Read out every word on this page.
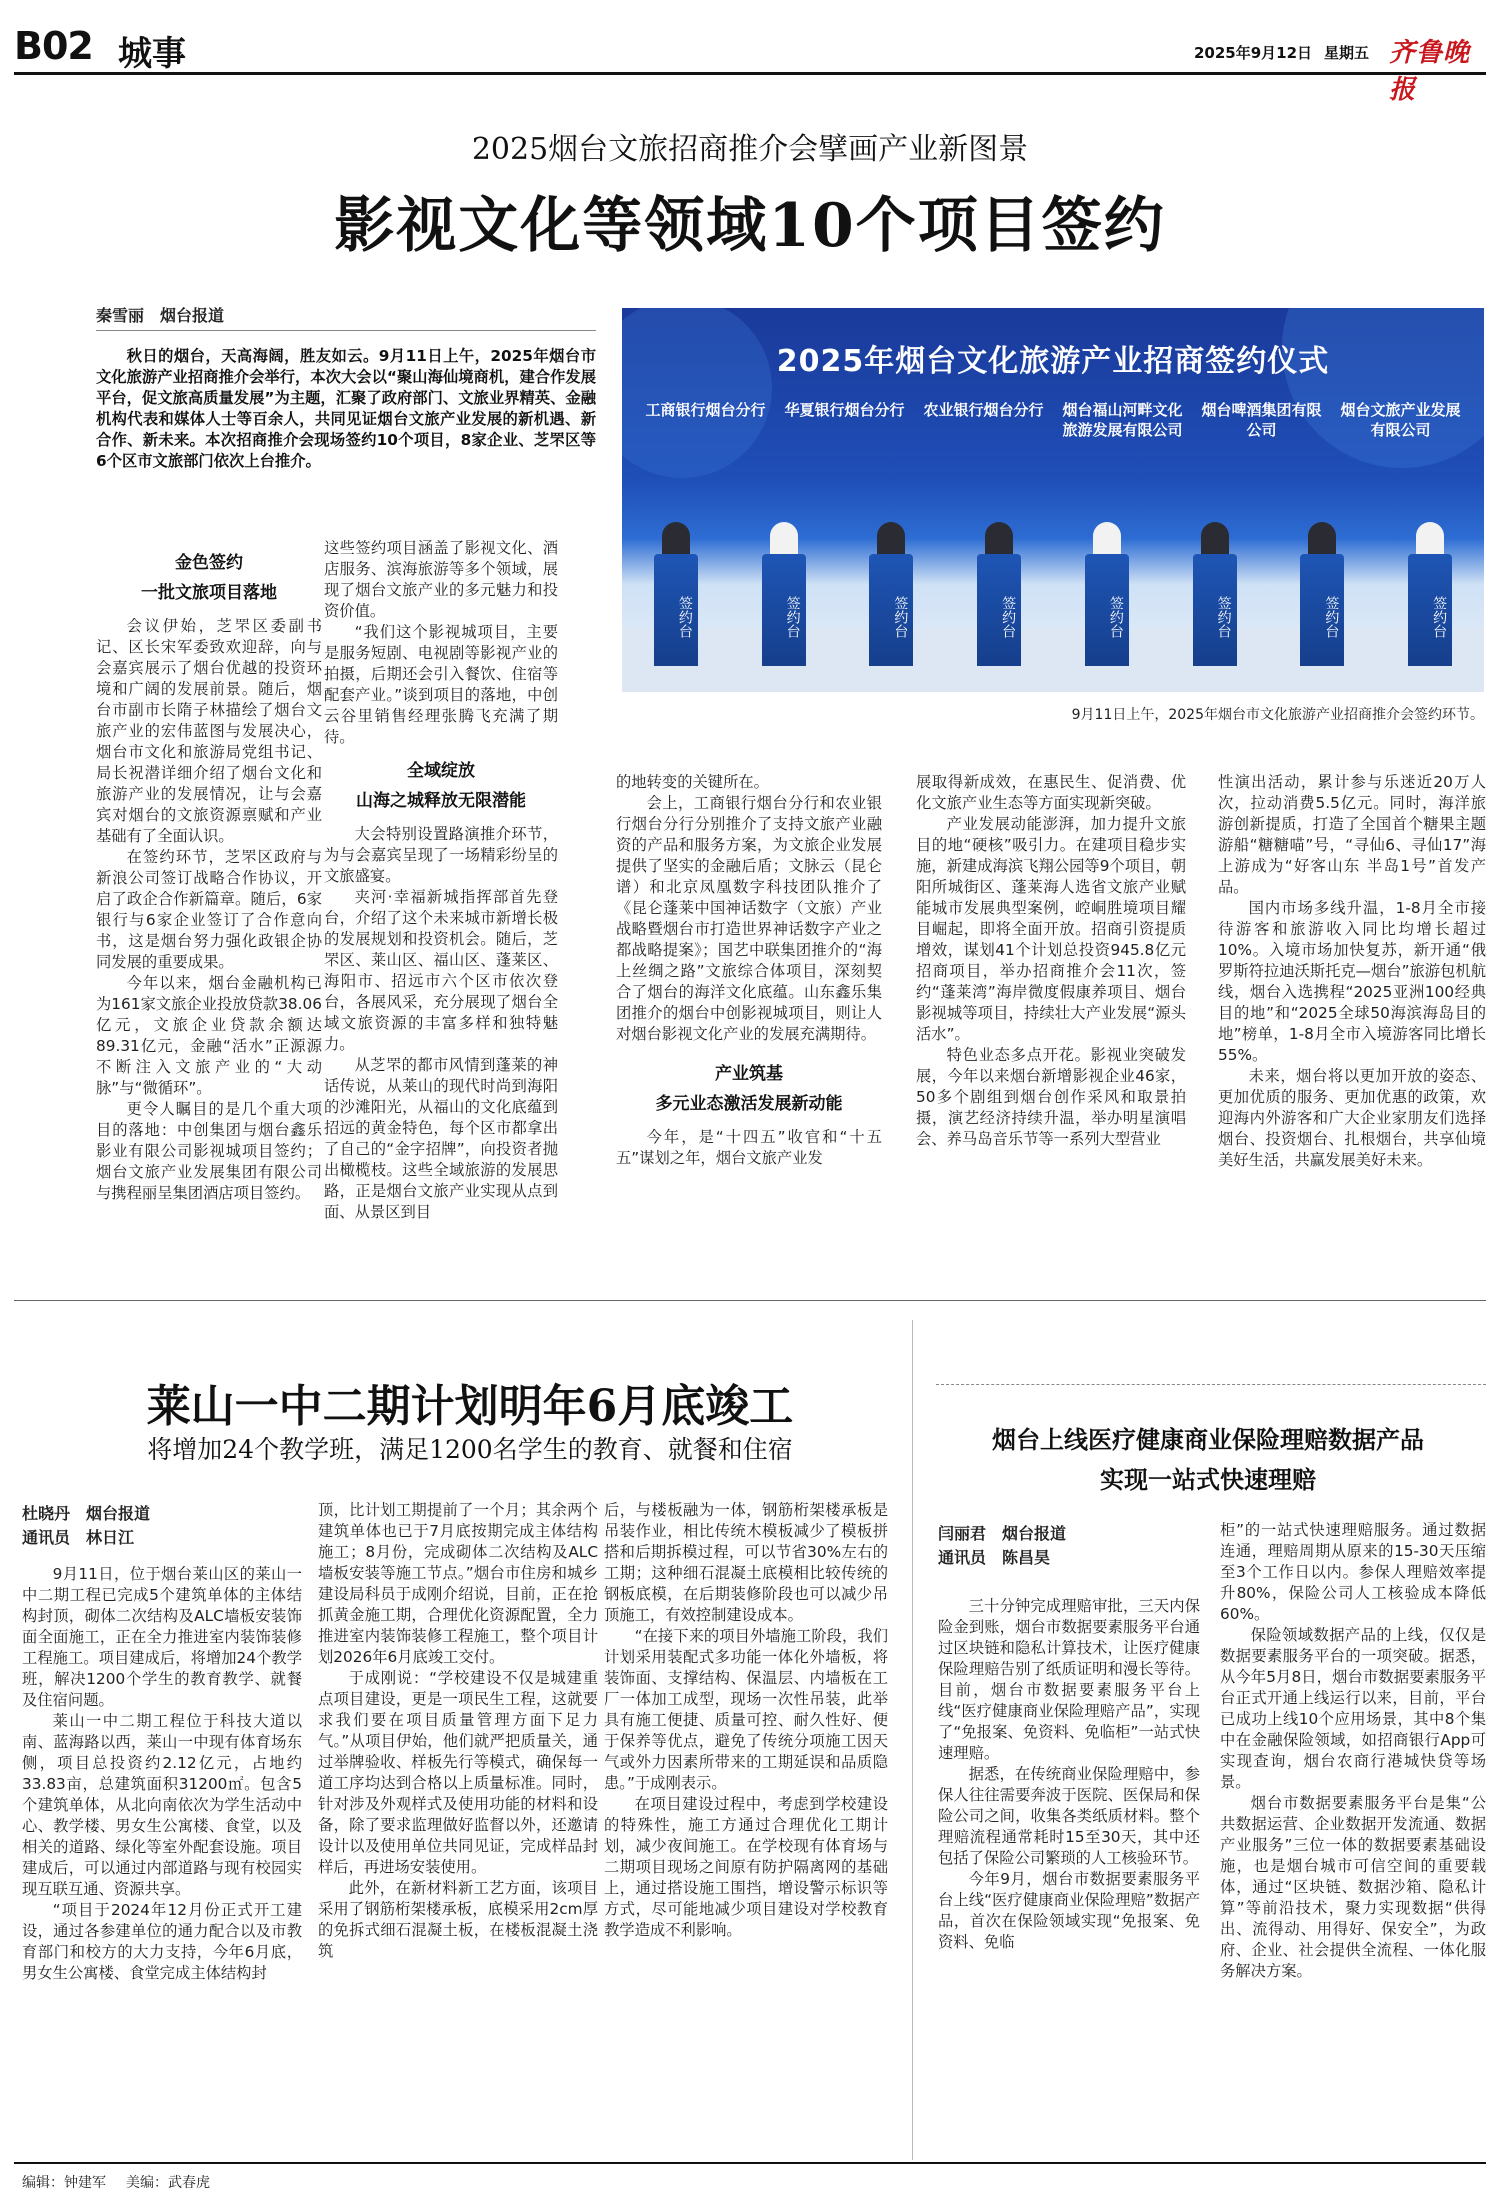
B02 城事	2025年9月12日 星期五 齐鲁晚报
2025烟台文旅招商推介会擘画产业新图景
影视文化等领域10个项目签约
秦雪丽　烟台报道
秋日的烟台，天高海阔，胜友如云。9月11日上午，2025年烟台市文化旅游产业招商推介会举行，本次大会以“聚山海仙境商机，建合作发展平台，促文旅高质量发展”为主题，汇聚了政府部门、文旅业界精英、金融机构代表和媒体人士等百余人，共同见证烟台文旅产业发展的新机遇、新合作、新未来。本次招商推介会现场签约10个项目，8家企业、芝罘区等6个区市文旅部门依次上台推介。
2025年烟台文化旅游产业招商签约仪式
工商银行烟台分行	华夏银行烟台分行	农业银行烟台分行	烟台福山河畔文化旅游发展有限公司
烟台啤酒集团有限公司
烟台文旅产业发展有限公司
签约台	签约台	签约台	签约台	签约台	签约台	签约台	签约台
9月11日上午，2025年烟台市文化旅游产业招商推介会签约环节。
金色签约
一批文旅项目落地

会议伊始，芝罘区委副书记、区长宋军委致欢迎辞，向与会嘉宾展示了烟台优越的投资环境和广阔的发展前景。随后，烟台市副市长隋子林描绘了烟台文旅产业的宏伟蓝图与发展决心，烟台市文化和旅游局党组书记、局长祝潜详细介绍了烟台文化和旅游产业的发展情况，让与会嘉宾对烟台的文旅资源禀赋和产业基础有了全面认识。

在签约环节，芝罘区政府与新浪公司签订战略合作协议，开启了政企合作新篇章。随后，6家银行与6家企业签订了合作意向书，这是烟台努力强化政银企协同发展的重要成果。

今年以来，烟台金融机构已为161家文旅企业投放贷款38.06亿元，文旅企业贷款余额达89.31亿元，金融“活水”正源源不断注入文旅产业的“大动脉”与“微循环”。

更令人瞩目的是几个重大项目的落地：中创集团与烟台鑫乐影业有限公司影视城项目签约；烟台文旅产业发展集团有限公司与携程丽呈集团酒店项目签约。

这些签约项目涵盖了影视文化、酒店服务、滨海旅游等多个领域，展现了烟台文旅产业的多元魅力和投资价值。

“我们这个影视城项目，主要是服务短剧、电视剧等影视产业的拍摄，后期还会引入餐饮、住宿等配套产业。”谈到项目的落地，中创云谷里销售经理张腾飞充满了期待。

全域绽放
山海之城释放无限潜能

大会特别设置路演推介环节，为与会嘉宾呈现了一场精彩纷呈的文旅盛宴。

夹河·幸福新城指挥部首先登台，介绍了这个未来城市新增长极的发展规划和投资机会。随后，芝罘区、莱山区、福山区、蓬莱区、海阳市、招远市六个区市依次登台，各展风采，充分展现了烟台全域文旅资源的丰富多样和独特魅力。

从芝罘的都市风情到蓬莱的神话传说，从莱山的现代时尚到海阳的沙滩阳光，从福山的文化底蕴到招远的黄金特色，每个区市都拿出了自己的“金字招牌”，向投资者抛出橄榄枝。这些全域旅游的发展思路，正是烟台文旅产业实现从点到面、从景区到目

的地转变的关键所在。

会上，工商银行烟台分行和农业银行烟台分行分别推介了支持文旅产业融资的产品和服务方案，为文旅企业发展提供了坚实的金融后盾；文脉云（昆仑谱）和北京凤凰数字科技团队推介了《昆仑蓬莱中国神话数字（文旅）产业战略暨烟台市打造世界神话数字产业之都战略提案》；国艺中联集团推介的“海上丝绸之路”文旅综合体项目，深刻契合了烟台的海洋文化底蕴。山东鑫乐集团推介的烟台中创影视城项目，则让人对烟台影视文化产业的发展充满期待。

产业筑基
多元业态激活发展新动能

今年，是“十四五”收官和“十五五”谋划之年，烟台文旅产业发

展取得新成效，在惠民生、促消费、优化文旅产业生态等方面实现新突破。

产业发展动能澎湃，加力提升文旅目的地“硬核”吸引力。在建项目稳步实施，新建成海滨飞翔公园等9个项目，朝阳所城街区、蓬莱海人选省文旅产业赋能城市发展典型案例，崆峒胜境项目耀目崛起，即将全面开放。招商引资提质增效，谋划41个计划总投资945.8亿元招商项目，举办招商推介会11次，签约“蓬莱湾”海岸微度假康养项目、烟台影视城等项目，持续壮大产业发展“源头活水”。

特色业态多点开花。影视业突破发展，今年以来烟台新增影视企业46家，50多个剧组到烟台创作采风和取景拍摄，演艺经济持续升温，举办明星演唱会、养马岛音乐节等一系列大型营业

性演出活动，累计参与乐迷近20万人次，拉动消费5.5亿元。同时，海洋旅游创新提质，打造了全国首个糖果主题游船“糖糖喵”号，“寻仙6、寻仙17”海上游成为“好客山东 半岛1号”首发产品。

国内市场多线升温，1-8月全市接待游客和旅游收入同比均增长超过10%。入境市场加快复苏，新开通“俄罗斯符拉迪沃斯托克—烟台”旅游包机航线，烟台入选携程“2025亚洲100经典目的地”和“2025全球50海滨海岛目的地”榜单，1-8月全市入境游客同比增长55%。

未来，烟台将以更加开放的姿态、更加优质的服务、更加优惠的政策，欢迎海内外游客和广大企业家朋友们选择烟台、投资烟台、扎根烟台，共享仙境美好生活，共赢发展美好未来。

莱山一中二期计划明年6月底竣工
将增加24个教学班，满足1200名学生的教育、就餐和住宿
杜晓丹　烟台报道
通讯员　林日江

9月11日，位于烟台莱山区的莱山一中二期工程已完成5个建筑单体的主体结构封顶，砌体二次结构及ALC墙板安装饰面全面施工，正在全力推进室内装饰装修工程施工。项目建成后，将增加24个教学班，解决1200个学生的教育教学、就餐及住宿问题。

莱山一中二期工程位于科技大道以南、蓝海路以西，莱山一中现有体育场东侧，项目总投资约2.12亿元，占地约33.83亩，总建筑面积31200㎡。包含5个建筑单体，从北向南依次为学生活动中心、教学楼、男女生公寓楼、食堂，以及相关的道路、绿化等室外配套设施。项目建成后，可以通过内部道路与现有校园实现互联互通、资源共享。

“项目于2024年12月份正式开工建设，通过各参建单位的通力配合以及市教育部门和校方的大力支持，今年6月底，男女生公寓楼、食堂完成主体结构封

顶，比计划工期提前了一个月；其余两个建筑单体也已于7月底按期完成主体结构施工；8月份，完成砌体二次结构及ALC墙板安装等施工节点。”烟台市住房和城乡建设局科员于成刚介绍说，目前，正在抢抓黄金施工期，合理优化资源配置，全力推进室内装饰装修工程施工，整个项目计划2026年6月底竣工交付。

于成刚说：“学校建设不仅是城建重点项目建设，更是一项民生工程，这就要求我们要在项目质量管理方面下足力气。”从项目伊始，他们就严把质量关，通过举牌验收、样板先行等模式，确保每一道工序均达到合格以上质量标准。同时，针对涉及外观样式及使用功能的材料和设备，除了要求监理做好监督以外，还邀请设计以及使用单位共同见证，完成样品封样后，再进场安装使用。

此外，在新材料新工艺方面，该项目采用了钢筋桁架楼承板，底模采用2cm厚的免拆式细石混凝土板，在楼板混凝土浇筑

后，与楼板融为一体，钢筋桁架楼承板是吊装作业，相比传统木模板减少了模板拼搭和后期拆模过程，可以节省30%左右的工期；这种细石混凝土底模相比较传统的钢板底模，在后期装修阶段也可以减少吊顶施工，有效控制建设成本。

“在接下来的项目外墙施工阶段，我们计划采用装配式多功能一体化外墙板，将装饰面、支撑结构、保温层、内墙板在工厂一体加工成型，现场一次性吊装，此举具有施工便捷、质量可控、耐久性好、便于保养等优点，避免了传统分项施工因天气或外力因素所带来的工期延误和品质隐患。”于成刚表示。

在项目建设过程中，考虑到学校建设的特殊性，施工方通过合理优化工期计划，减少夜间施工。在学校现有体育场与二期项目现场之间原有防护隔离网的基础上，通过搭设施工围挡，增设警示标识等方式，尽可能地减少项目建设对学校教育教学造成不利影响。

烟台上线医疗健康商业保险理赔数据产品
实现一站式快速理赔
闫丽君　烟台报道
通讯员　陈昌昊

三十分钟完成理赔审批，三天内保险金到账，烟台市数据要素服务平台通过区块链和隐私计算技术，让医疗健康保险理赔告别了纸质证明和漫长等待。目前，烟台市数据要素服务平台上线“医疗健康商业保险理赔产品”，实现了“免报案、免资料、免临柜”一站式快速理赔。

据悉，在传统商业保险理赔中，参保人往往需要奔波于医院、医保局和保险公司之间，收集各类纸质材料。整个理赔流程通常耗时15至30天，其中还包括了保险公司繁琐的人工核验环节。

今年9月，烟台市数据要素服务平台上线“医疗健康商业保险理赔”数据产品，首次在保险领域实现“免报案、免资料、免临

柜”的一站式快速理赔服务。通过数据连通，理赔周期从原来的15-30天压缩至3个工作日以内。参保人理赔效率提升80%，保险公司人工核验成本降低60%。

保险领域数据产品的上线，仅仅是数据要素服务平台的一项突破。据悉，从今年5月8日，烟台市数据要素服务平台正式开通上线运行以来，目前，平台已成功上线10个应用场景，其中8个集中在金融保险领域，如招商银行App可实现查询，烟台农商行港城快贷等场景。

烟台市数据要素服务平台是集“公共数据运营、企业数据开发流通、数据产业服务”三位一体的数据要素基础设施，也是烟台城市可信空间的重要载体，通过“区块链、数据沙箱、隐私计算”等前沿技术，聚力实现数据“供得出、流得动、用得好、保安全”，为政府、企业、社会提供全流程、一体化服务解决方案。

编辑：钟建军 美编：武春虎
